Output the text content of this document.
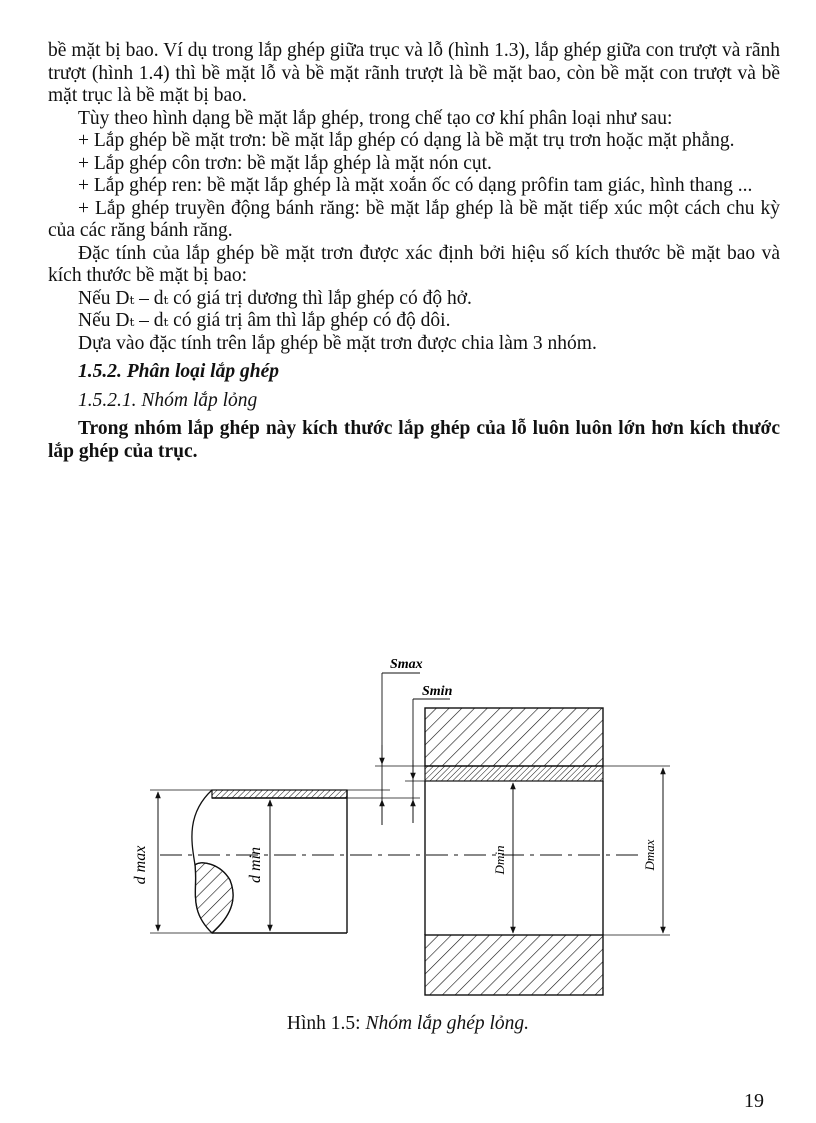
bề mặt bị bao. Ví dụ trong lắp ghép giữa trục và lỗ (hình 1.3), lắp ghép giữa con trượt và rãnh trượt (hình 1.4) thì bề mặt lỗ và bề mặt rãnh trượt là bề mặt bao, còn bề mặt con trượt và bề mặt trục là bề mặt bị bao.

Tùy theo hình dạng bề mặt lắp ghép, trong chế tạo cơ khí phân loại như sau:

+ Lắp ghép bề mặt trơn: bề mặt lắp ghép có dạng là bề mặt trụ trơn hoặc mặt phẳng.

+ Lắp ghép côn trơn: bề mặt lắp ghép là mặt nón cụt.

+ Lắp ghép ren: bề mặt lắp ghép là mặt xoắn ốc có dạng prôfin tam giác, hình thang ...

+ Lắp ghép truyền động bánh răng: bề mặt lắp ghép là bề mặt tiếp xúc một cách chu kỳ của các răng bánh răng.

Đặc tính của lắp ghép bề mặt trơn được xác định bởi hiệu số kích thước bề mặt bao và kích thước bề mặt bị bao:

Nếu Dₜ – dₜ có giá trị dương thì lắp ghép có độ hở.

Nếu Dₜ – dₜ có giá trị âm thì lắp ghép có độ dôi.

Dựa vào đặc tính trên lắp ghép bề mặt trơn được chia làm 3 nhóm.

1.5.2. Phân loại lắp ghép

1.5.2.1. Nhóm lắp lỏng

Trong nhóm lắp ghép này kích thước lắp ghép của lỗ luôn luôn lớn hơn kích thước lắp ghép của trục.

d max	d min
Smax
Smin
Dmin	Dmax
Hình 1.5: Nhóm lắp ghép lỏng.
19
